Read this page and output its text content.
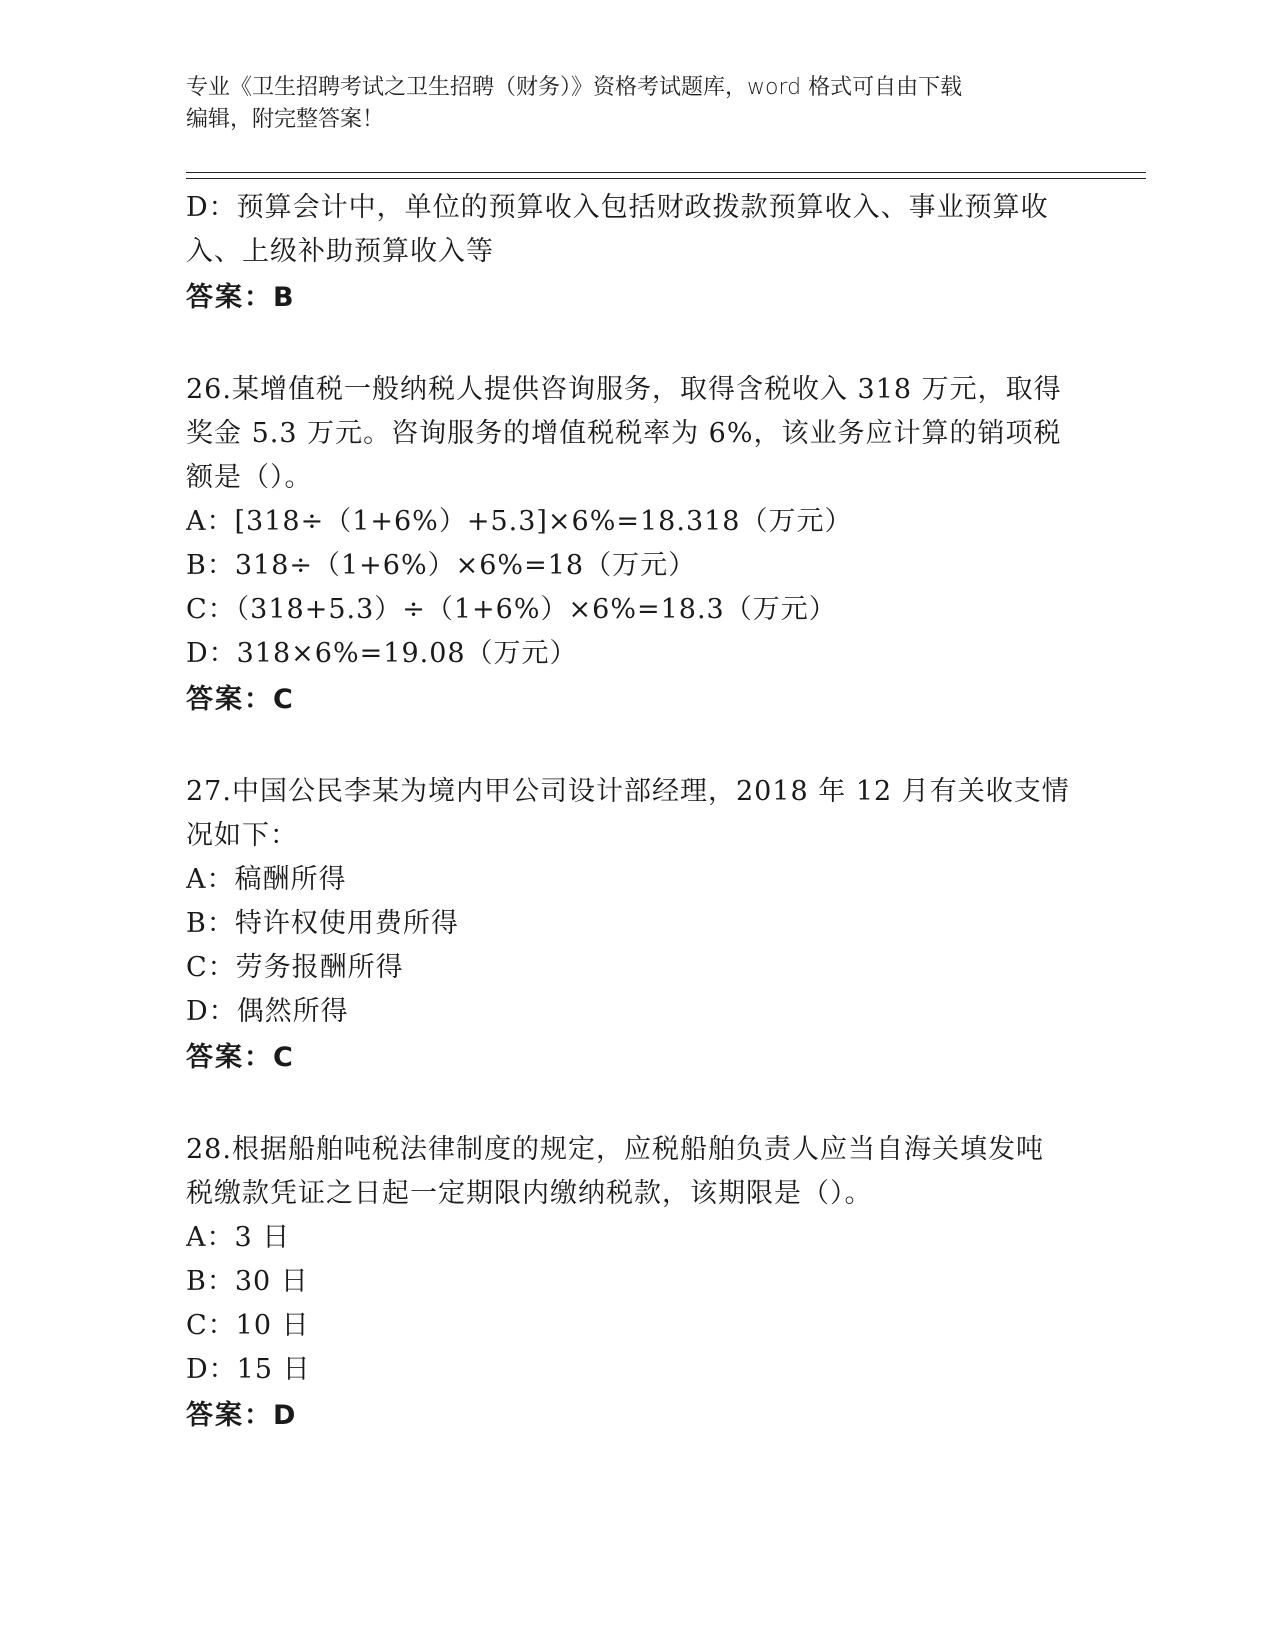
专业《卫生招聘考试之卫生招聘（财务）》资格考试题库，word 格式可自由下载
编辑，附完整答案！
D：预算会计中，单位的预算收入包括财政拨款预算收入、事业预算收
入、上级补助预算收入等
答案：B
26.某增值税一般纳税人提供咨询服务，取得含税收入 318 万元，取得
奖金 5.3 万元。咨询服务的增值税税率为 6%，该业务应计算的销项税
额是（）。
A：[318÷（1+6%）+5.3]×6%=18.318（万元）
B：318÷（1+6%）×6%=18（万元）
C：（318+5.3）÷（1+6%）×6%=18.3（万元）
D：318×6%=19.08（万元）
答案：C
27.中国公民李某为境内甲公司设计部经理，2018 年 12 月有关收支情
况如下：
A：稿酬所得
B：特许权使用费所得
C：劳务报酬所得
D：偶然所得
答案：C
28.根据船舶吨税法律制度的规定，应税船舶负责人应当自海关填发吨
税缴款凭证之日起一定期限内缴纳税款，该期限是（）。
A：3 日
B：30 日
C：10 日
D：15 日
答案：D
